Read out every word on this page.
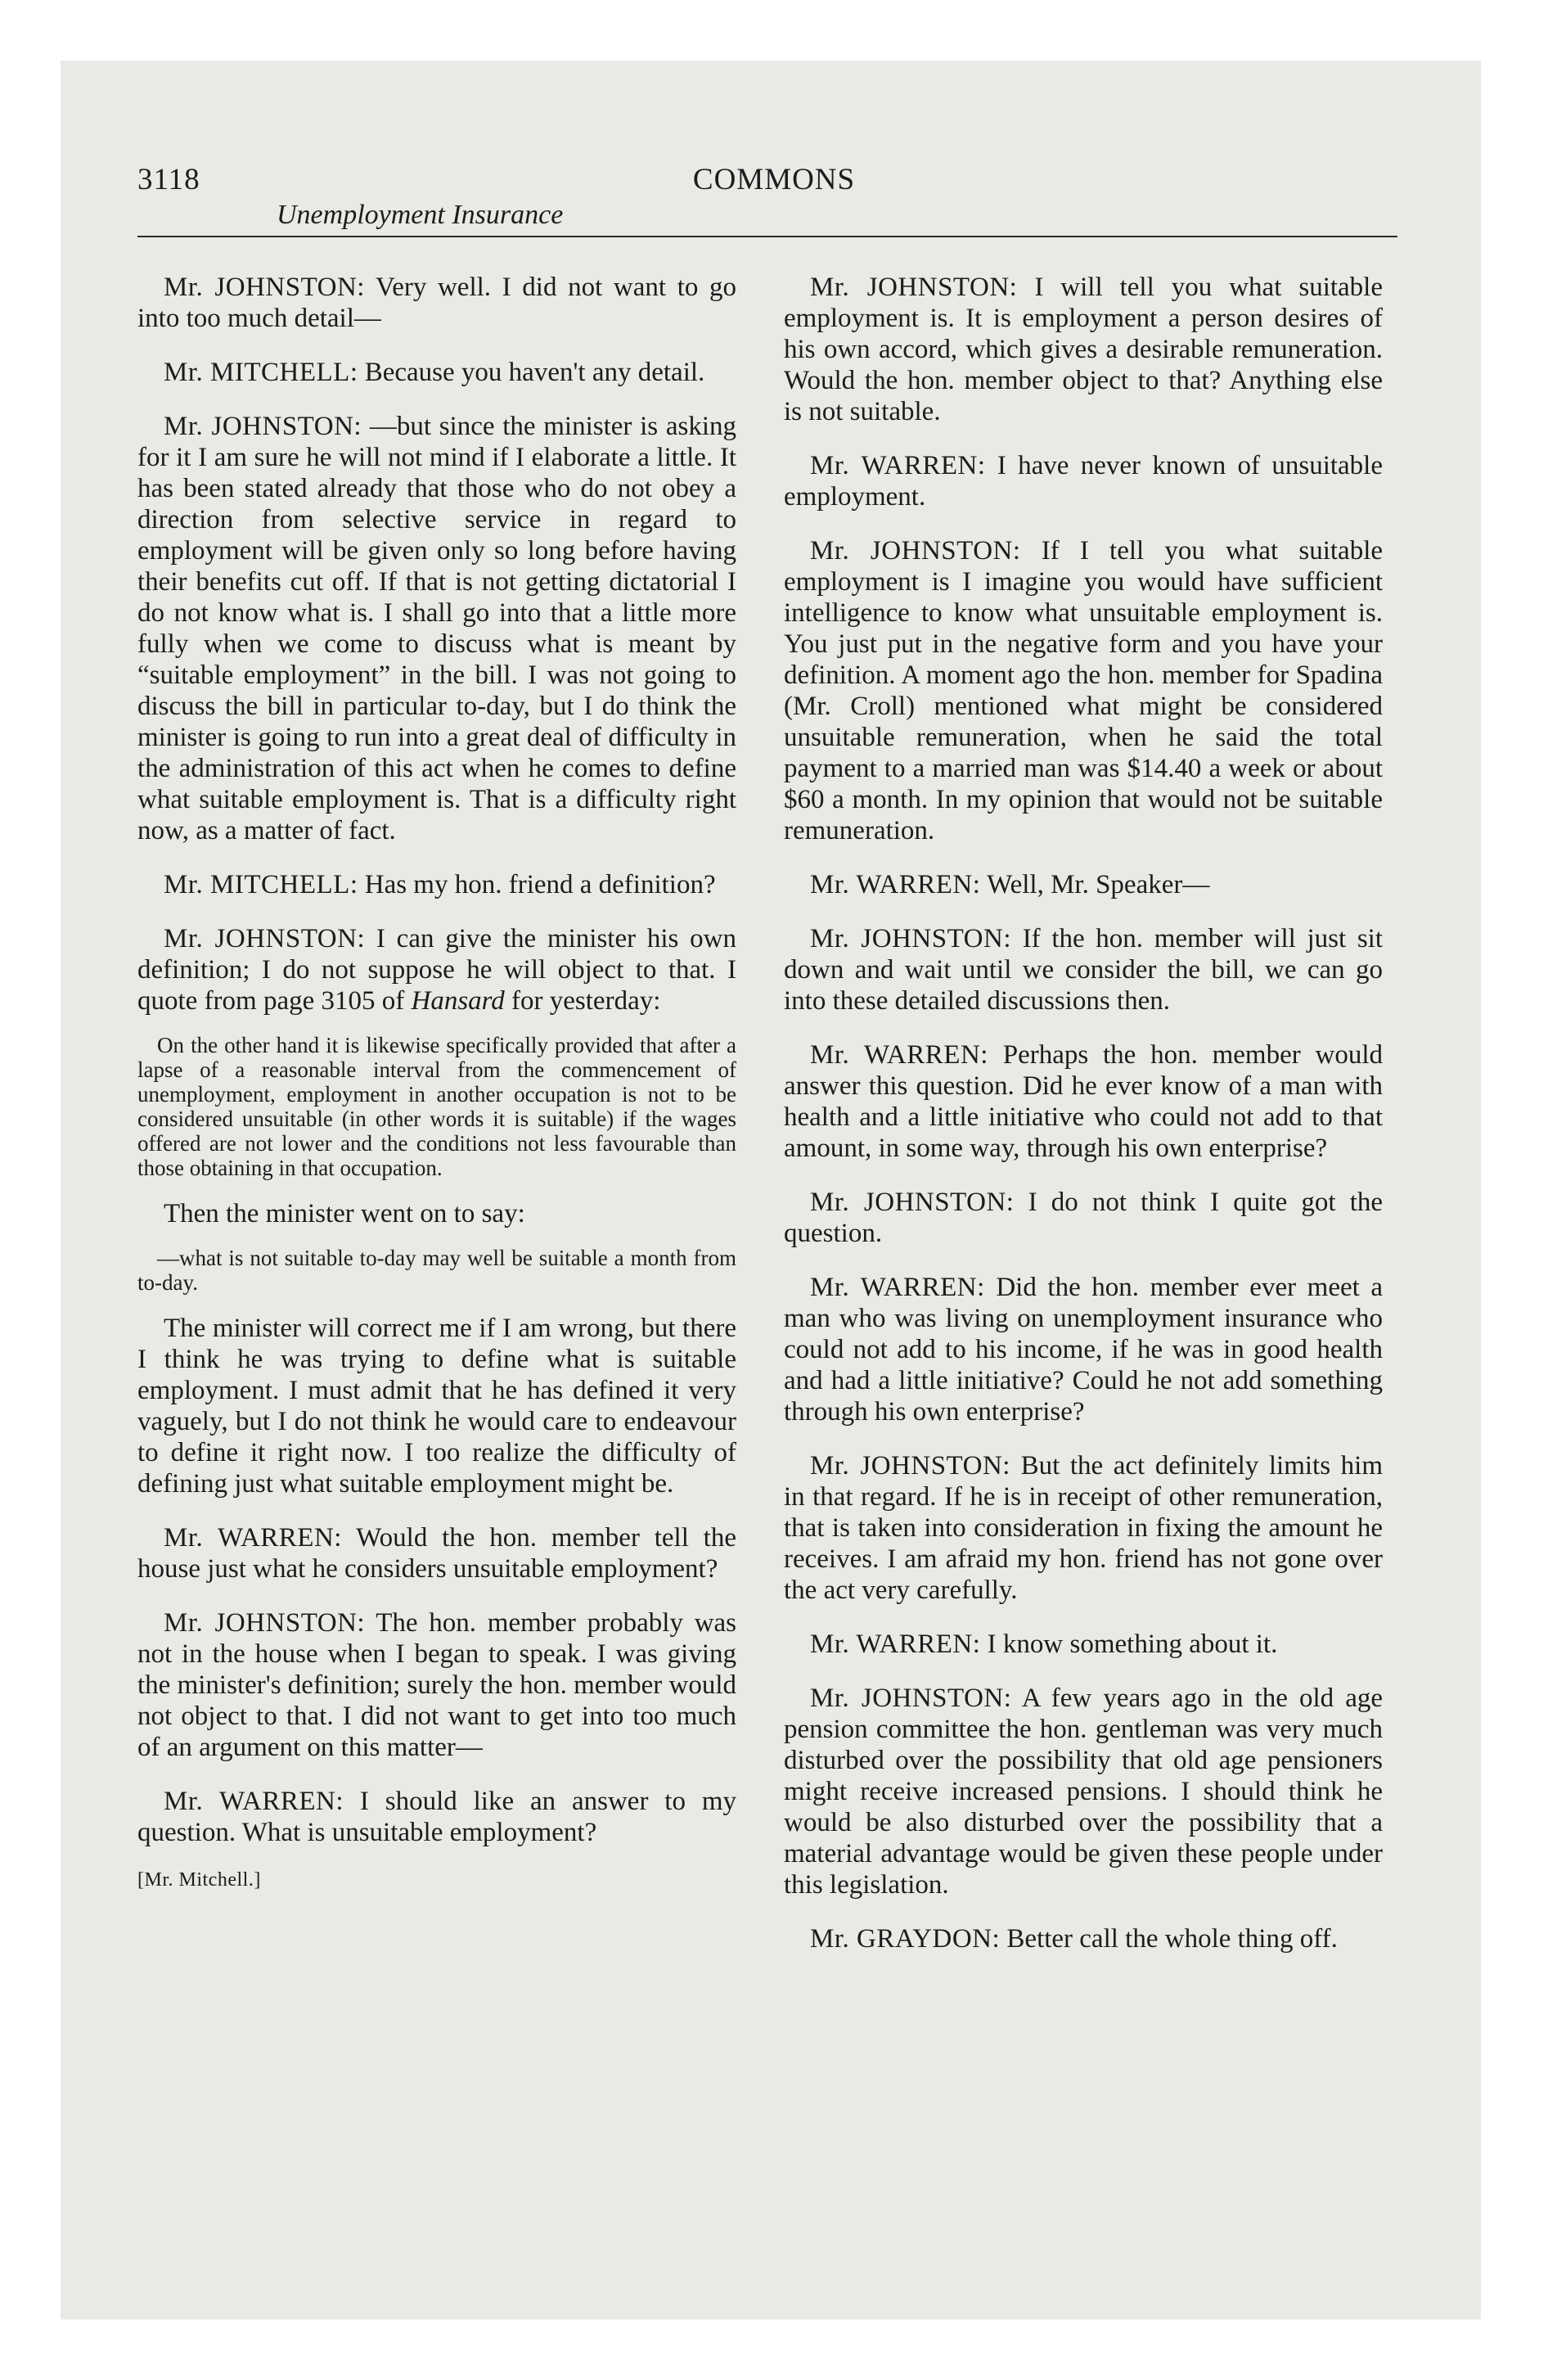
3118	COMMONS
Unemployment Insurance

Mr. JOHNSTON: Very well. I did not want to go into too much detail—

Mr. MITCHELL: Because you haven't any detail.

Mr. JOHNSTON: —but since the minister is asking for it I am sure he will not mind if I elaborate a little. It has been stated already that those who do not obey a direction from selective service in regard to employment will be given only so long before having their benefits cut off. If that is not getting dictatorial I do not know what is. I shall go into that a little more fully when we come to discuss what is meant by “suitable employment” in the bill. I was not going to discuss the bill in particular to-day, but I do think the minister is going to run into a great deal of difficulty in the administration of this act when he comes to define what suitable employment is. That is a difficulty right now, as a matter of fact.

Mr. MITCHELL: Has my hon. friend a definition?

Mr. JOHNSTON: I can give the minister his own definition; I do not suppose he will object to that. I quote from page 3105 of Hansard for yesterday:

On the other hand it is likewise specifically provided that after a lapse of a reasonable interval from the commencement of unemployment, employment in another occupation is not to be considered unsuitable (in other words it is suitable) if the wages offered are not lower and the conditions not less favourable than those obtaining in that occupation.

Then the minister went on to say:

—what is not suitable to-day may well be suitable a month from to-day.

The minister will correct me if I am wrong, but there I think he was trying to define what is suitable employment. I must admit that he has defined it very vaguely, but I do not think he would care to endeavour to define it right now. I too realize the difficulty of defining just what suitable employment might be.

Mr. WARREN: Would the hon. member tell the house just what he considers unsuitable employment?

Mr. JOHNSTON: The hon. member probably was not in the house when I began to speak. I was giving the minister's definition; surely the hon. member would not object to that. I did not want to get into too much of an argument on this matter—

Mr. WARREN: I should like an answer to my question. What is unsuitable employment?

[Mr. Mitchell.]

Mr. JOHNSTON: I will tell you what suitable employment is. It is employment a person desires of his own accord, which gives a desirable remuneration. Would the hon. member object to that? Anything else is not suitable.

Mr. WARREN: I have never known of unsuitable employment.

Mr. JOHNSTON: If I tell you what suitable employment is I imagine you would have sufficient intelligence to know what unsuitable employment is. You just put in the negative form and you have your definition. A moment ago the hon. member for Spadina (Mr. Croll) mentioned what might be considered unsuitable remuneration, when he said the total payment to a married man was $14.40 a week or about $60 a month. In my opinion that would not be suitable remuneration.

Mr. WARREN: Well, Mr. Speaker—

Mr. JOHNSTON: If the hon. member will just sit down and wait until we consider the bill, we can go into these detailed discussions then.

Mr. WARREN: Perhaps the hon. member would answer this question. Did he ever know of a man with health and a little initiative who could not add to that amount, in some way, through his own enterprise?

Mr. JOHNSTON: I do not think I quite got the question.

Mr. WARREN: Did the hon. member ever meet a man who was living on unemployment insurance who could not add to his income, if he was in good health and had a little initiative? Could he not add something through his own enterprise?

Mr. JOHNSTON: But the act definitely limits him in that regard. If he is in receipt of other remuneration, that is taken into consideration in fixing the amount he receives. I am afraid my hon. friend has not gone over the act very carefully.

Mr. WARREN: I know something about it.

Mr. JOHNSTON: A few years ago in the old age pension committee the hon. gentleman was very much disturbed over the possibility that old age pensioners might receive increased pensions. I should think he would be also disturbed over the possibility that a material advantage would be given these people under this legislation.

Mr. GRAYDON: Better call the whole thing off.
